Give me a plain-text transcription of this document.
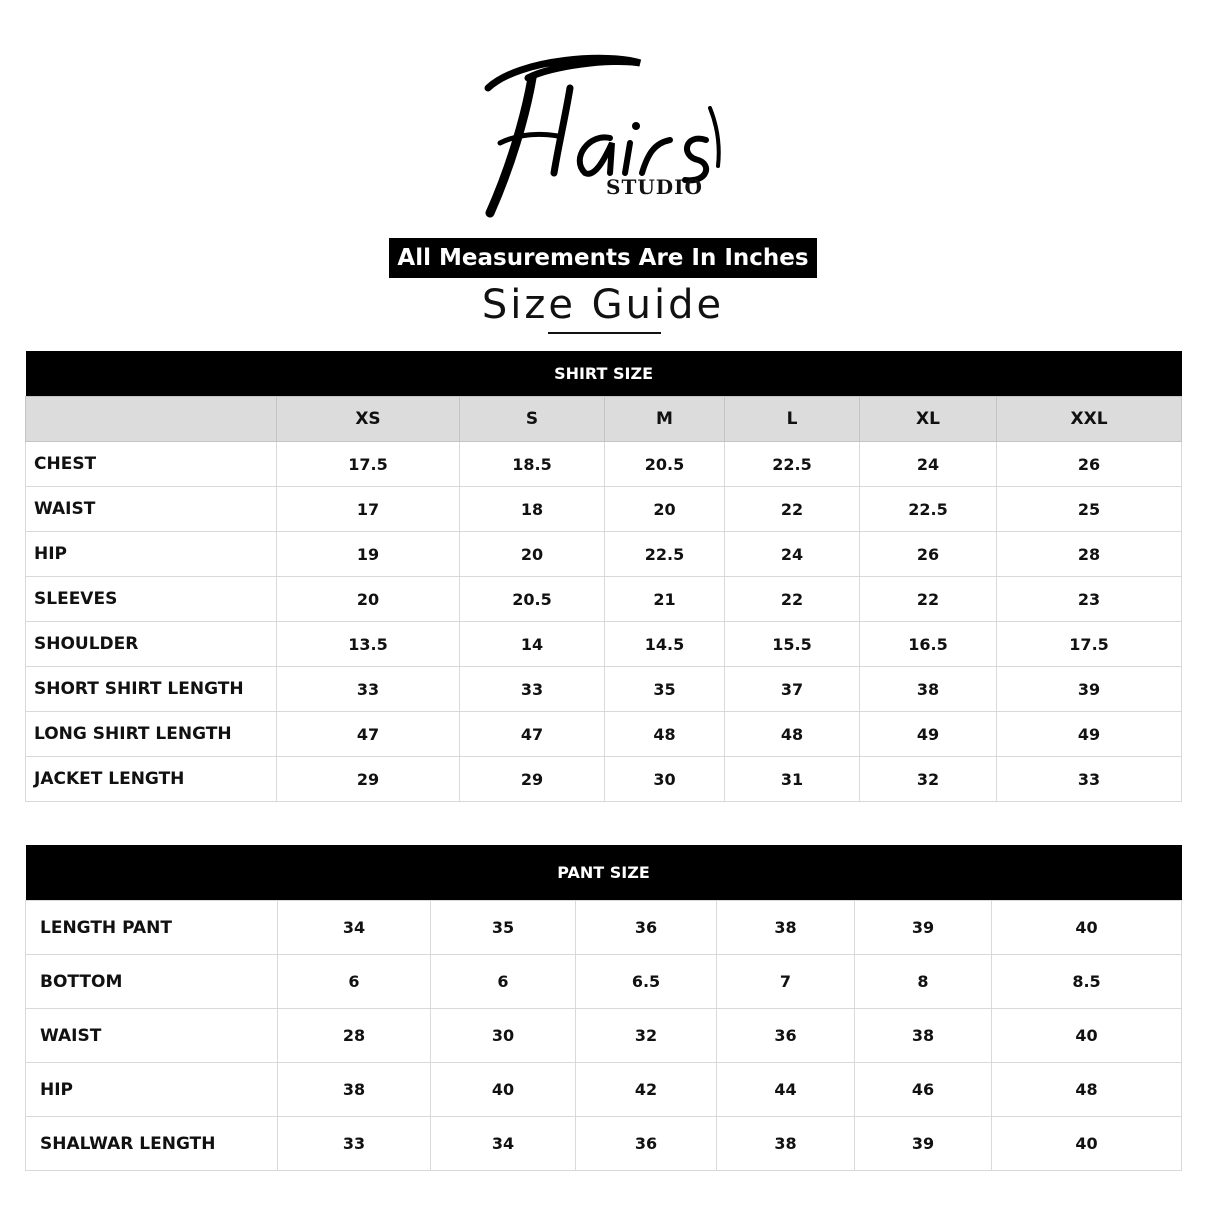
STUDIO
All Measurements Are In Inches
Size Guide
SHIRT SIZE						
	XS	S	M	L	XL	XXL
CHEST	17.5	18.5	20.5	22.5	24	26
WAIST	17	18	20	22	22.5	25
HIP	19	20	22.5	24	26	28
SLEEVES	20	20.5	21	22	22	23
SHOULDER	13.5	14	14.5	15.5	16.5	17.5
SHORT SHIRT LENGTH	33	33	35	37	38	39
LONG SHIRT LENGTH	47	47	48	48	49	49
JACKET LENGTH	29	29	30	31	32	33
PANT SIZE						
LENGTH PANT	34	35	36	38	39	40
BOTTOM	6	6	6.5	7	8	8.5
WAIST	28	30	32	36	38	40
HIP	38	40	42	44	46	48
SHALWAR LENGTH	33	34	36	38	39	40
